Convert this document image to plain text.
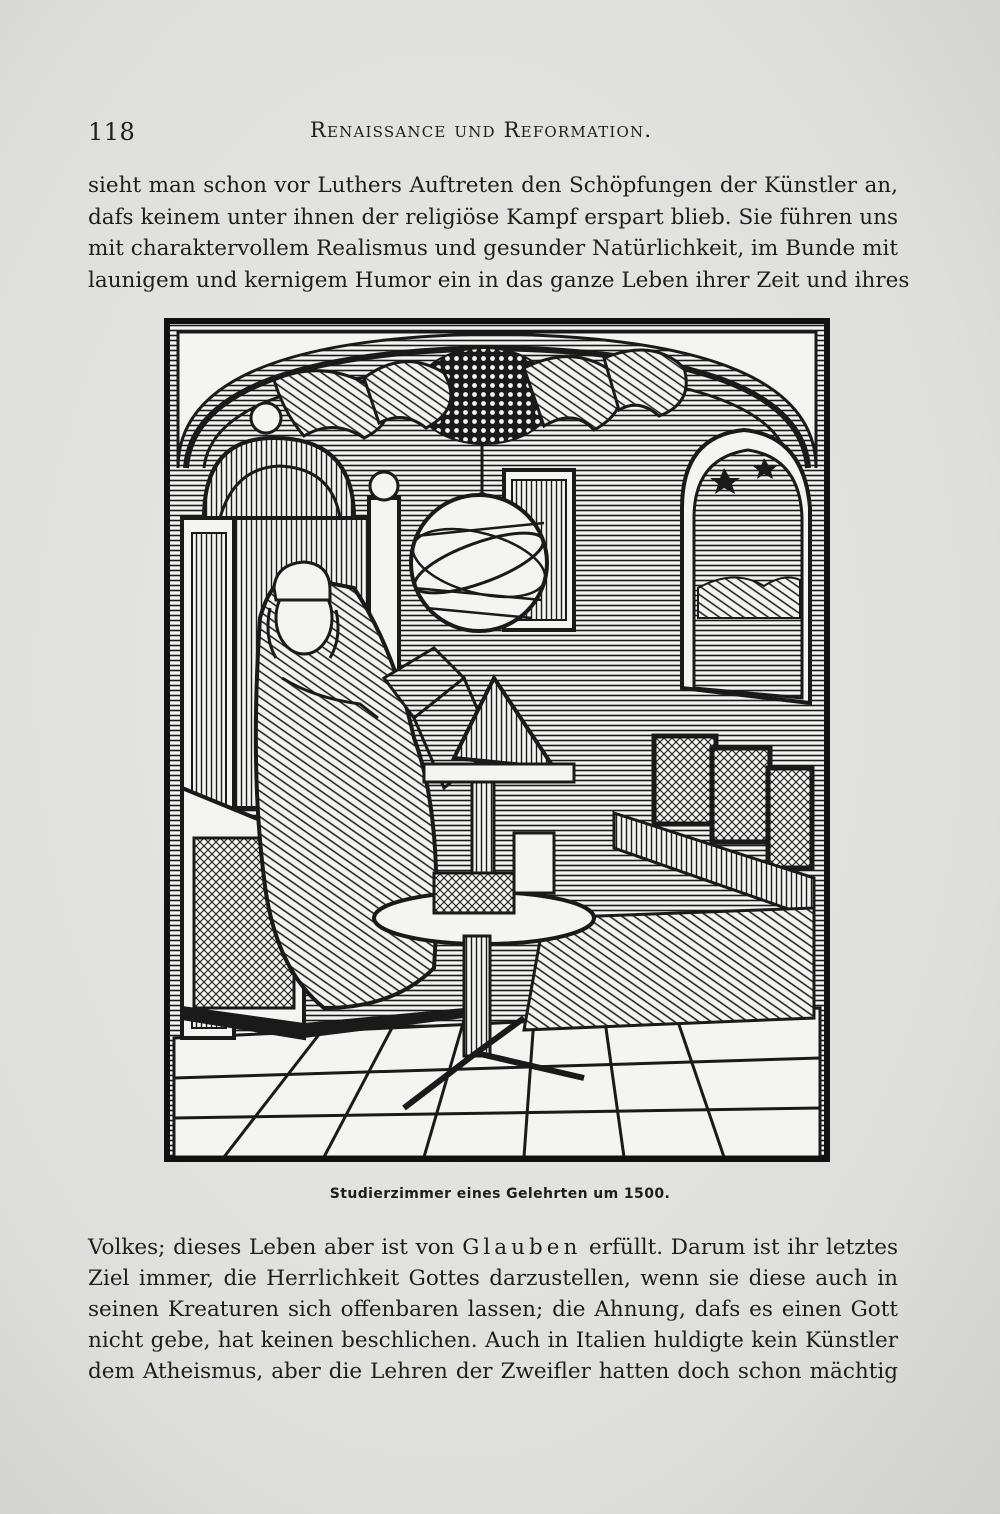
118	Renaissance und Reformation.
sieht man schon vor Luthers Auftreten den Schöpfungen der Künstler an,
dafs keinem unter ihnen der religiöse Kampf erspart blieb. Sie führen uns
mit charaktervollem Realismus und gesunder Natürlichkeit, im Bunde mit
launigem und kernigem Humor ein in das ganze Leben ihrer Zeit und ihres
Studierzimmer eines Gelehrten um 1500.
Volkes; dieses Leben aber ist von Glauben erfüllt. Darum ist ihr letztes
Ziel immer, die Herrlichkeit Gottes darzustellen, wenn sie diese auch in
seinen Kreaturen sich offenbaren lassen; die Ahnung, dafs es einen Gott
nicht gebe, hat keinen beschlichen. Auch in Italien huldigte kein Künstler
dem Atheismus, aber die Lehren der Zweifler hatten doch schon mächtig
